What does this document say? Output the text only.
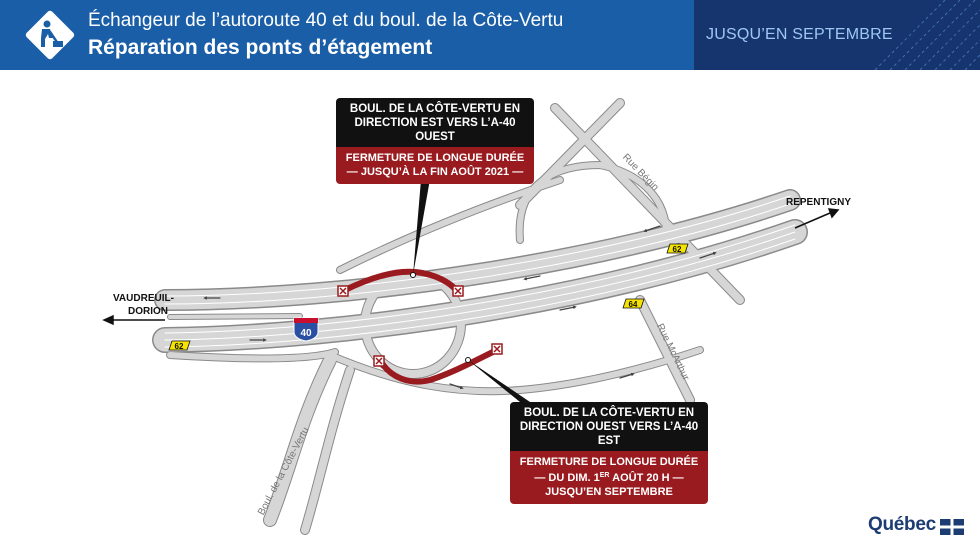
Échangeur de l’autoroute 40 et du boul. de la Côte-Vertu
Réparation des ponts d’étagement
JUSQU’EN SEPTEMBRE
62
64
62
40
VAUDREUIL-
DORION
REPENTIGNY
Rue Bégin
Rue McArthur
Boul. de la Côte-Vertu
BOUL. DE LA CÔTE-VERTU EN
DIRECTION EST VERS L’A-40 OUEST
FERMETURE DE LONGUE DURÉE
— JUSQU’À LA FIN AOÛT 2021 —
BOUL. DE LA CÔTE-VERTU EN
DIRECTION OUEST VERS L’A-40 EST
FERMETURE DE LONGUE DURÉE
— DU DIM. 1ER AOÛT 20 H —
JUSQU’EN SEPTEMBRE
Québec
